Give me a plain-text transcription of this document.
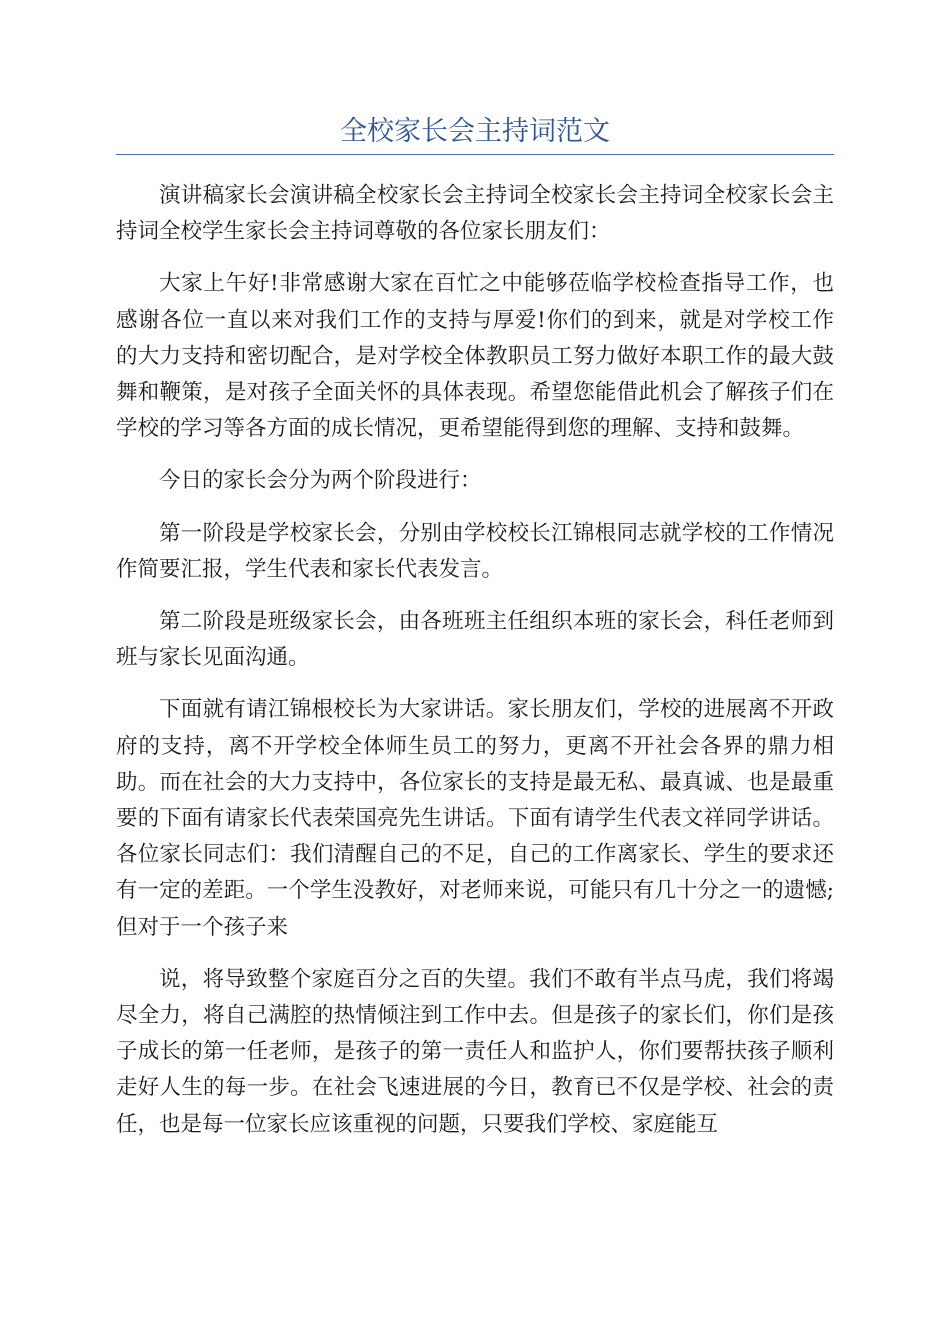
全校家长会主持词范文

演讲稿家长会演讲稿全校家长会主持词全校家长会主持词全校家长会主持词全校学生家长会主持词尊敬的各位家长朋友们：

大家上午好!非常感谢大家在百忙之中能够莅临学校检查指导工作，也感谢各位一直以来对我们工作的支持与厚爱!你们的到来，就是对学校工作的大力支持和密切配合，是对学校全体教职员工努力做好本职工作的最大鼓舞和鞭策，是对孩子全面关怀的具体表现。希望您能借此机会了解孩子们在学校的学习等各方面的成长情况，更希望能得到您的理解、支持和鼓舞。

今日的家长会分为两个阶段进行：

第一阶段是学校家长会，分别由学校校长江锦根同志就学校的工作情况作简要汇报，学生代表和家长代表发言。

第二阶段是班级家长会，由各班班主任组织本班的家长会，科任老师到班与家长见面沟通。

下面就有请江锦根校长为大家讲话。家长朋友们，学校的进展离不开政府的支持，离不开学校全体师生员工的努力，更离不开社会各界的鼎力相助。而在社会的大力支持中，各位家长的支持是最无私、最真诚、也是最重要的下面有请家长代表荣国亮先生讲话。下面有请学生代表文祥同学讲话。各位家长同志们：我们清醒自己的不足，自己的工作离家长、学生的要求还有一定的差距。一个学生没教好，对老师来说，可能只有几十分之一的遗憾;但对于一个孩子来

说，将导致整个家庭百分之百的失望。我们不敢有半点马虎，我们将竭尽全力，将自己满腔的热情倾注到工作中去。但是孩子的家长们，你们是孩子成长的第一任老师，是孩子的第一责任人和监护人，你们要帮扶孩子顺利走好人生的每一步。在社会飞速进展的今日，教育已不仅是学校、社会的责任，也是每一位家长应该重视的问题，只要我们学校、家庭能互
